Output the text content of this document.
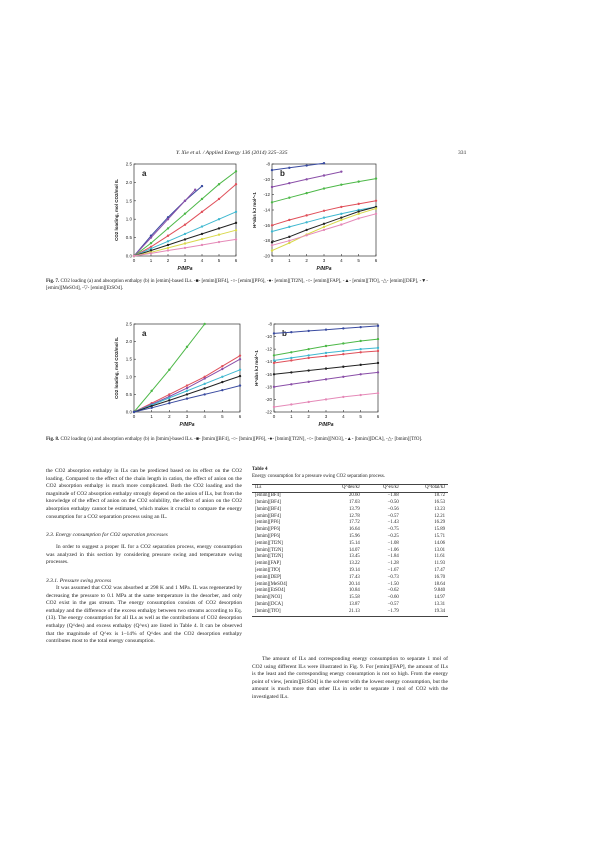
Y. Xie et al. / Applied Energy 136 (2014) 325–335	331
0	1	2	3	4	5	6
0.0
0.5
1.0
1.5
2.0
2.5
P/MPa
CO2 loading, mol CO2/mol IL
a
0	1	2	3	4	5	6
-8
-10
-12
-14
-16
-18
-20
P/MPa
H^abs kJ mol^-1
b
Fig. 7. CO2 loading (a) and absorption enthalpy (b) in [emim]-based ILs. -■- [emim][BF4], -○- [emim][PF6], -●- [emim][Tf2N], -○- [emim][FAP], -▲- [emim][TfO], -△- [emim][DEP], -▼- [emim][MeSO4], -▽- [emim][EtSO4].
0	1	2	3	4	5	6
0.0
0.5
1.0
1.5
2.0
2.5
P/MPa
CO2 loading, mol CO2/mol IL
a
0	1	2	3	4	5	6
-8
-10
-12
-14
-16
-18
-20
-22
P/MPa
H^abs kJ mol^-1
b
Fig. 8. CO2 loading (a) and absorption enthalpy (b) in [bmim]-based ILs. -■- [bmim][BF4], -○- [bmim][PF6], -●- [bmim][Tf2N], -○- [bmim][NO3], -▲- [bmim][DCA], -△- [bmim][TfO].

the CO2 absorption enthalpy in ILs can be predicted based on its effect on the CO2 loading. Compared to the effect of the chain length in cation, the effect of anion on the CO2 absorption enthalpy is much more complicated. Both the CO2 loading and the magnitude of CO2 absorption enthalpy strongly depend on the anion of ILs, but from the knowledge of the effect of anion on the CO2 solubility, the effect of anion on the CO2 absorption enthalpy cannot be estimated, which makes it crucial to compare the energy consumption for a CO2 separation process using an IL.

3.3. Energy consumption for CO2 separation processes

In order to suggest a proper IL for a CO2 separation process, energy consumption was analyzed in this section by considering pressure swing and temperature swing processes.

3.3.1. Pressure swing process

It was assumed that CO2 was absorbed at 298 K and 1 MPa. IL was regenerated by decreasing the pressure to 0.1 MPa at the same temperature in the desorber, and only CO2 exist in the gas stream. The energy consumption consists of CO2 desorption enthalpy and the difference of the excess enthalpy between two streams according to Eq. (13). The energy consumption for all ILs as well as the contributions of CO2 desorption enthalpy (Q^des) and excess enthalpy (Q^ex) are listed in Table 4. It can be observed that the magnitude of Q^ex is 1–14% of Q^des and the CO2 desorption enthalpy contributes most to the total energy consumption.

Table 4
Energy consumption for a pressure swing CO2 separation process.
ILs	Q^des/kJ	Q^ex/kJ	Q^total/kJ
[emim][BF4]	20.60	−1.88	18.72
[bmim][BF4]	17.03	−0.50	16.53
[hmim][BF4]	13.79	−0.56	13.23
[omim][BF4]	12.78	−0.57	12.21
[emim][PF6]	17.72	−1.43	16.29
[bmim][PF6]	16.64	−0.75	15.89
[hmim][PF6]	15.96	−0.25	15.71
[emim][Tf2N]	15.14	−1.08	14.06
[bmim][Tf2N]	14.07	−1.06	13.01
[hmim][Tf2N]	13.45	−1.84	11.61
[emim][FAP]	13.22	−1.28	11.93
[emim][TfO]	19.14	−1.67	17.47
[emim][DEP]	17.43	−0.73	16.70
[emim][MeSO4]	20.14	−1.50	18.64
[emim][EtSO4]	10.84	−0.62	9.840
[bmim][NO3]	15.58	−0.60	14.97
[bmim][DCA]	13.87	−0.57	13.31
[bmim][TfO]	21.13	−1.79	19.34

The amount of ILs and corresponding energy consumption to separate 1 mol of CO2 using different ILs were illustrated in Fig. 9. For [emim][FAP], the amount of ILs is the least and the corresponding energy consumption is not so high. From the energy point of view, [emim][EtSO4] is the solvent with the lowest energy consumption, but the amount is much more than other ILs in order to separate 1 mol of CO2 with the investigated ILs.
